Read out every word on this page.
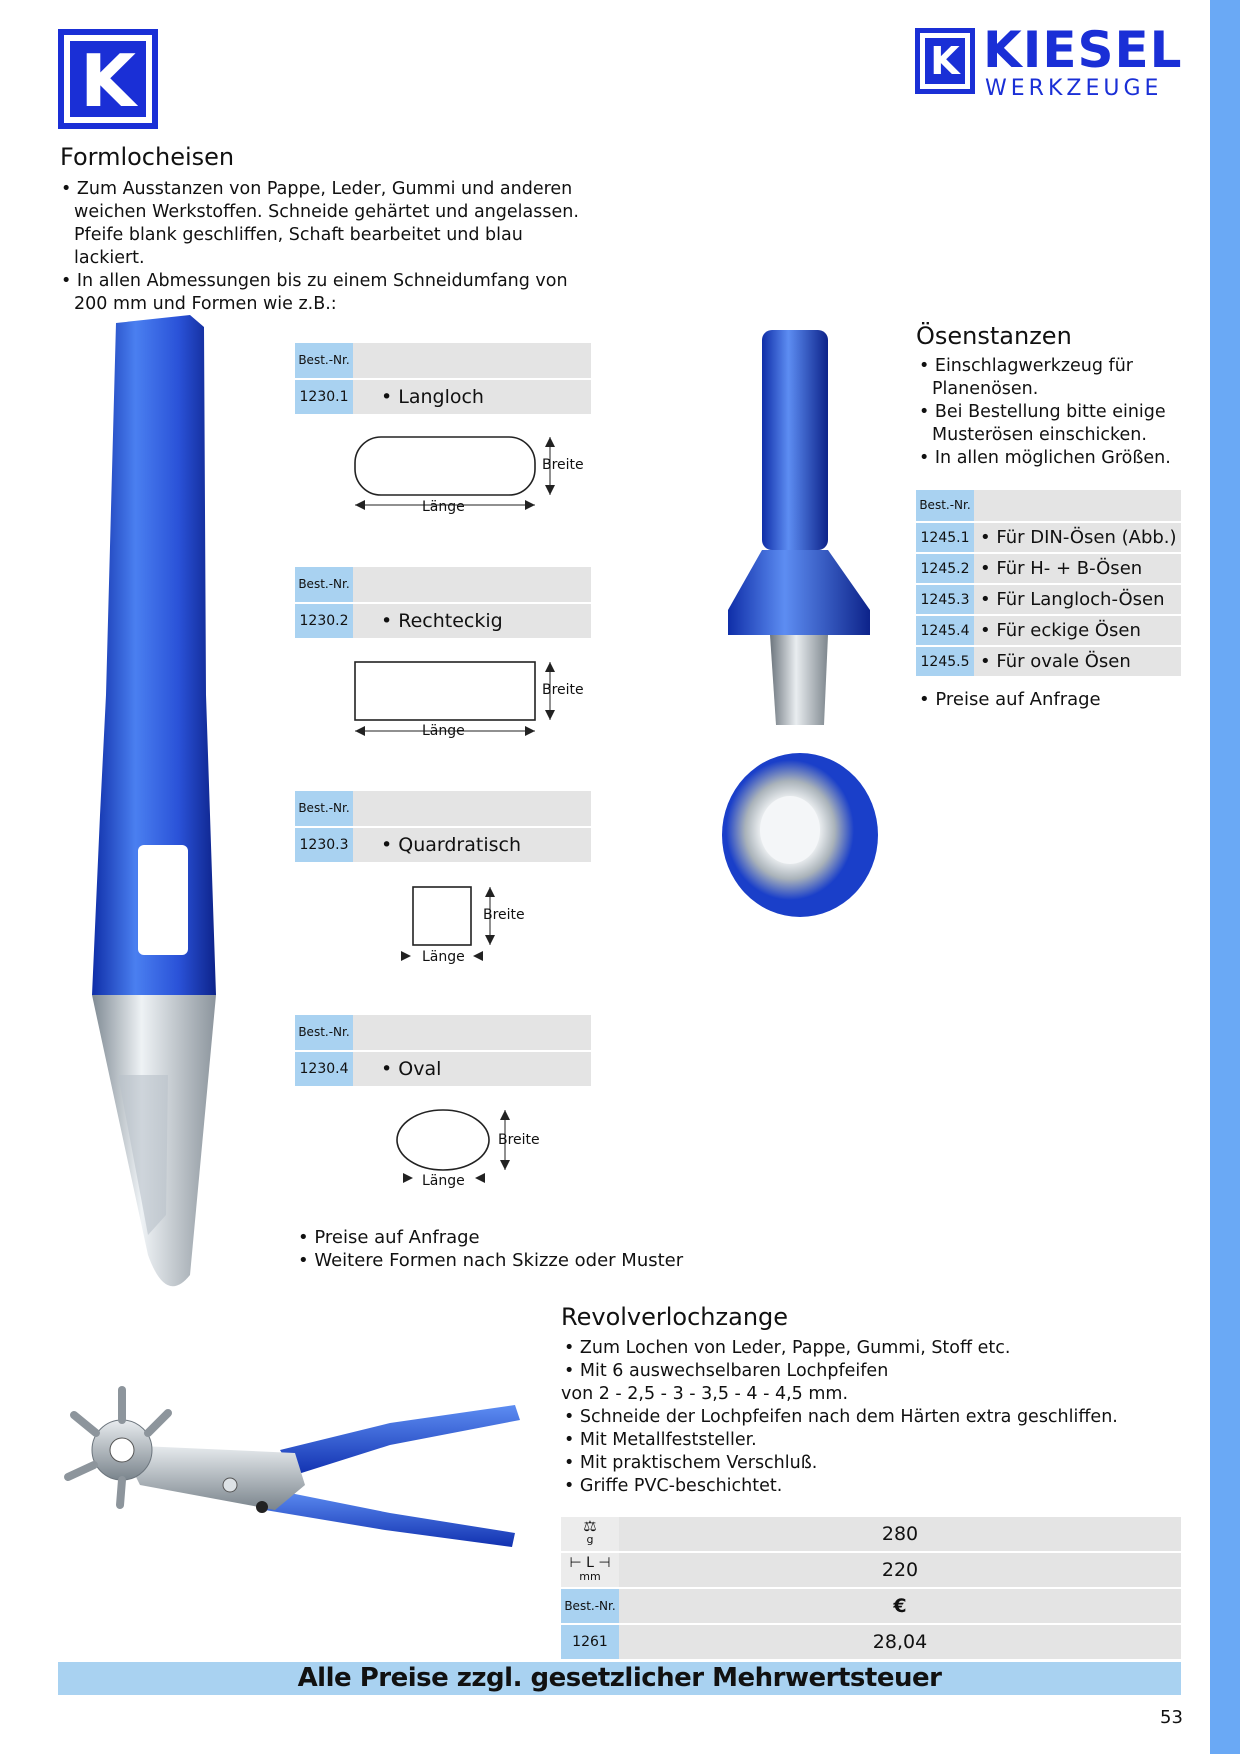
K	K KIESEL
WERKZEUGE
Formlocheisen
• Zum Ausstanzen von Pappe, Leder, Gummi und anderen weichen Werkstoffen. Schneide gehärtet und angelassen. Pfeife blank geschliffen, Schaft bearbeitet und blau lackiert.
• In allen Abmessungen bis zu einem Schneidumfang von 200 mm und Formen wie z.B.:
Best.-Nr.
1230.1	• Langloch
Breite
Länge
Best.-Nr.
1230.2	• Rechteckig
Breite
Länge
Best.-Nr.
1230.3	• Quardratisch
Breite
Länge
Best.-Nr.
1230.4	• Oval
Breite
Länge
• Preise auf Anfrage
• Weitere Formen nach Skizze oder Muster
Ösenstanzen
• Einschlagwerkzeug für Planenösen.
• Bei Bestellung bitte einige Musterösen einschicken.
• In allen möglichen Größen.
Best.-Nr.
1245.1	• Für DIN-Ösen (Abb.)
1245.2	• Für H- + B-Ösen
1245.3	• Für Langloch-Ösen
1245.4	• Für eckige Ösen
1245.5	• Für ovale Ösen
• Preise auf Anfrage
Revolverlochzange
• Zum Lochen von Leder, Pappe, Gummi, Stoff etc.
• Mit 6 auswechselbaren Lochpfeifen
von 2 - 2,5 - 3 - 3,5 - 4 - 4,5 mm.
• Schneide der Lochpfeifen nach dem Härten extra geschliffen.
• Mit Metallfeststeller.
• Mit praktischem Verschluß.
• Griffe PVC-beschichtet.
⚖
g	280
⊢ L ⊣
mm	220
Best.-Nr.	€
1261	28,04
Alle Preise zzgl. gesetzlicher Mehrwertsteuer
53
